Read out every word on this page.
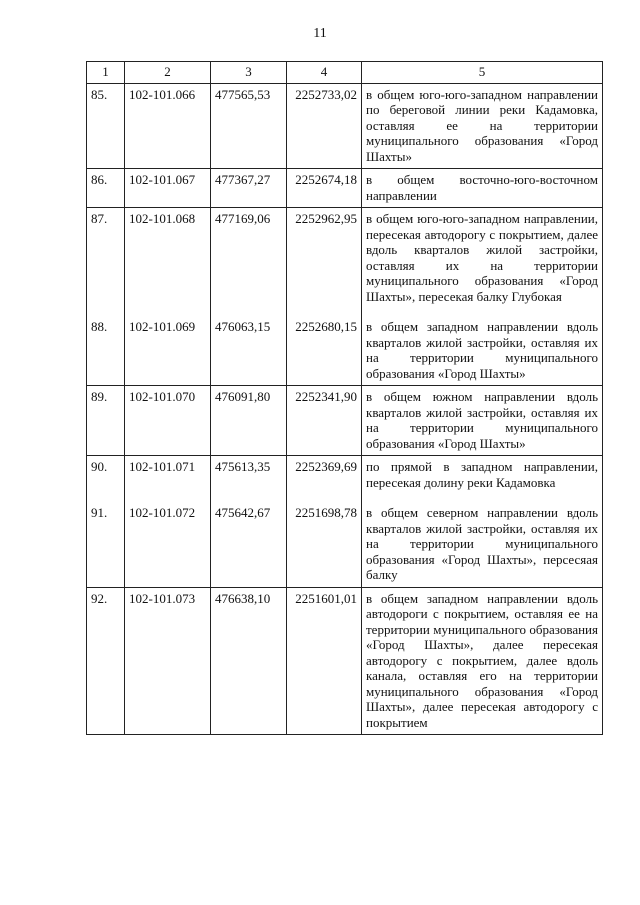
11
1	2	3	4	5
85.	102-101.066	477565,53	2252733,02	в общем юго-юго-западном направлении по береговой линии реки Кадамовка, оставляя ее на территории муниципального образования «Город Шахты»
86.	102-101.067	477367,27	2252674,18	в общем восточно-юго-восточном направлении
87.	102-101.068	477169,06	2252962,95	в общем юго-юго-западном направлении, пересекая автодорогу с покрытием, далее вдоль кварталов жилой застройки, оставляя их на территории муниципального образования «Город Шахты», пересекая балку Глубокая
88.	102-101.069	476063,15	2252680,15	в общем западном направлении вдоль кварталов жилой застройки, оставляя их на территории муниципального образования «Город Шахты»
89.	102-101.070	476091,80	2252341,90	в общем южном направлении вдоль кварталов жилой застройки, оставляя их на территории муниципального образования «Город Шахты»
90.	102-101.071	475613,35	2252369,69	по прямой в западном направлении, пересекая долину реки Кадамовка
91.	102-101.072	475642,67	2251698,78	в общем северном направлении вдоль кварталов жилой застройки, оставляя их на территории муниципального образования «Город Шахты», персесяая балку
92.	102-101.073	476638,10	2251601,01	в общем западном направлении вдоль автодороги с покрытием, оставляя ее на территории муниципального образования «Город Шахты», далее пересекая автодорогу с покрытием, далее вдоль канала, оставляя его на территории муниципального образования «Город Шахты», далее пересекая автодорогу с покрытием
